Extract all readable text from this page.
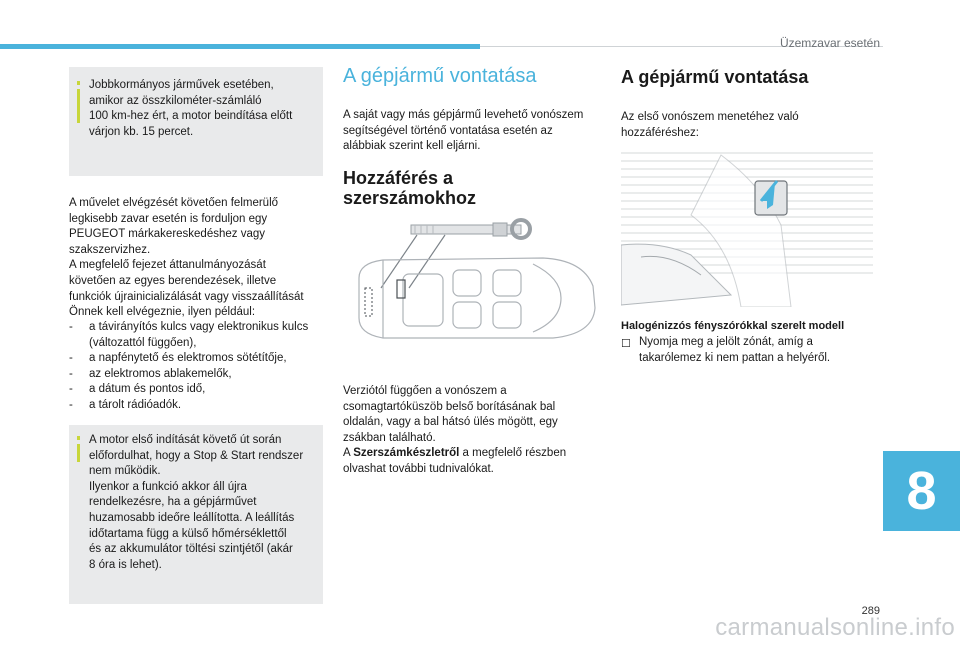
Üzemzavar esetén

Jobbkormányos járművek esetében,
amikor az összkilométer-számláló
100 km-hez ért, a motor beindítása előtt
várjon kb. 15 percet.

A művelet elvégzését követően felmerülő
legkisebb zavar esetén is forduljon egy
PEUGEOT márkakereskedéshez vagy
szakszervizhez.
A megfelelő fejezet áttanulmányozását
követően az egyes berendezések, illetve
funkciók újrainicializálását vagy visszaállítását
Önnek kell elvégeznie, ilyen például:
- a távirányítós kulcs vagy elektronikus kulcs
(változattól függően),
- a napfénytető és elektromos sötétítője,
- az elektromos ablakemelők,
- a dátum és pontos idő,
- a tárolt rádióadók.

A motor első indítását követő út során
előfordulhat, hogy a Stop & Start rendszer
nem működik.
Ilyenkor a funkció akkor áll újra
rendelkezésre, ha a gépjárművet
huzamosabb ideőre leállította. A leállítás
időtartama függ a külső hőmérséklettől
és az akkumulátor töltési szintjétől (akár
8 óra is lehet).

A gépjármű vontatása
A saját vagy más gépjármű levehető vonószem
segítségével történő vontatása esetén az
alábbiak szerint kell eljárni.
Hozzáférés a
szerszámokhoz
Verziótól függően a vonószem a
csomagtartóküszöb belső borításának bal
oldalán, vagy a bal hátsó ülés mögött, egy
zsákban található.
A Szerszámkészletről a megfelelő részben
olvashat további tudnivalókat.
A gépjármű vontatása
Az első vonószem menetéhez való
hozzáféréshez:
Halogénizzós fényszórókkal szerelt modell
☐ Nyomja meg a jelölt zónát, amíg a
takarólemez ki nem pattan a helyéről.
8
289
carmanualsonline.info
